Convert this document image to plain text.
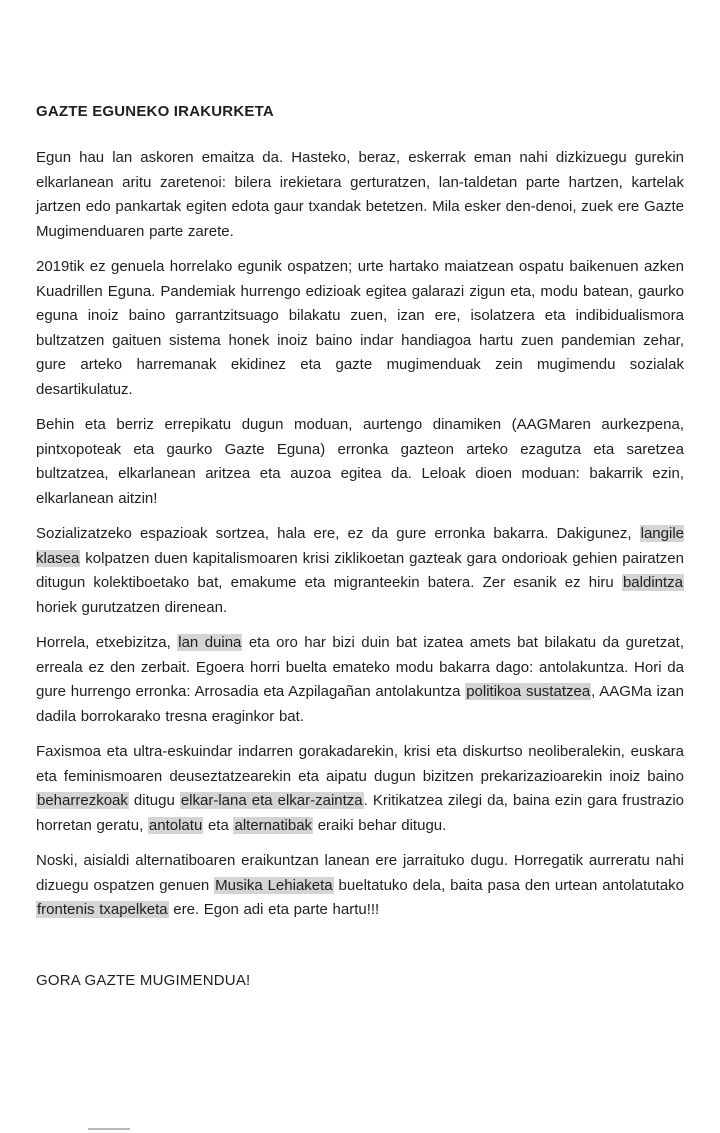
GAZTE EGUNEKO IRAKURKETA

Egun hau lan askoren emaitza da. Hasteko, beraz, eskerrak eman nahi dizkizuegu gurekin elkarlanean aritu zaretenoi: bilera irekietara gerturatzen, lan-taldetan parte hartzen, kartelak jartzen edo pankartak egiten edota gaur txandak betetzen. Mila esker den-denoi, zuek ere Gazte Mugimenduaren parte zarete.

2019tik ez genuela horrelako egunik ospatzen; urte hartako maiatzean ospatu baikenuen azken Kuadrillen Eguna. Pandemiak hurrengo edizioak egitea galarazi zigun eta, modu batean, gaurko eguna inoiz baino garrantzitsuago bilakatu zuen, izan ere, isolatzera eta indibidualismora bultzatzen gaituen sistema honek inoiz baino indar handiagoa hartu zuen pandemian zehar, gure arteko harremanak ekidinez eta gazte mugimenduak zein mugimendu sozialak desartikulatuz.

Behin eta berriz errepikatu dugun moduan, aurtengo dinamiken (AAGMaren aurkezpena, pintxopoteak eta gaurko Gazte Eguna) erronka gazteon arteko ezagutza eta saretzea bultzatzea, elkarlanean aritzea eta auzoa egitea da. Leloak dioen moduan: bakarrik ezin, elkarlanean aitzin!

Sozializatzeko espazioak sortzea, hala ere, ez da gure erronka bakarra. Dakigunez, langile klasea kolpatzen duen kapitalismoaren krisi ziklikoetan gazteak gara ondorioak gehien pairatzen ditugun kolektiboetako bat, emakume eta migranteekin batera. Zer esanik ez hiru baldintza horiek gurutzatzen direnean.

Horrela, etxebizitza, lan duina eta oro har bizi duin bat izatea amets bat bilakatu da guretzat, erreala ez den zerbait. Egoera horri buelta emateko modu bakarra dago: antolakuntza. Hori da gure hurrengo erronka: Arrosadia eta Azpilagañan antolakuntza politikoa sustatzea, AAGMa izan dadila borrokarako tresna eraginkor bat.

Faxismoa eta ultra-eskuindar indarren gorakadarekin, krisi eta diskurtso neoliberalekin, euskara eta feminismoaren deuseztatzearekin eta aipatu dugun bizitzen prekarizazioarekin inoiz baino beharrezkoak ditugu elkar-lana eta elkar-zaintza. Kritikatzea zilegi da, baina ezin gara frustrazio horretan geratu, antolatu eta alternatibak eraiki behar ditugu.

Noski, aisialdi alternatiboaren eraikuntzan lanean ere jarraituko dugu. Horregatik aurreratu nahi dizuegu ospatzen genuen Musika Lehiaketa bueltatuko dela, baita pasa den urtean antolatutako frontenis txapelketa ere. Egon adi eta parte hartu!!!

GORA GAZTE MUGIMENDUA!
